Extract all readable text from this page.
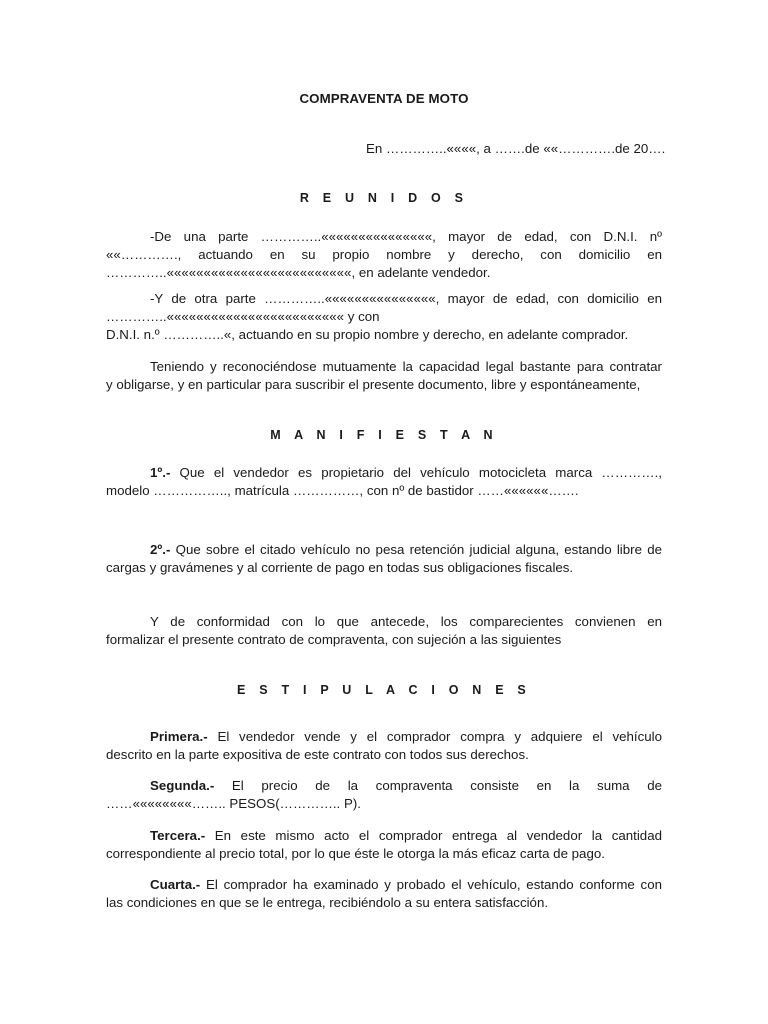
COMPRAVENTA DE MOTO
En …………..««««, a …….de ««………….de 20….
R E U N I D O S
-De una parte …………..«««««««««««««««, mayor de edad, con D.N.I. nº
««…………., actuando en su propio nombre y derecho, con domicilio en
…………..«««««««««««««««««««««««««, en adelante vendedor.
-Y de otra parte …………..«««««««««««««««, mayor de edad, con domicilio en
…………..«««««««««««««««««««««««« y con
D.N.I. n.º …………..«, actuando en su propio nombre y derecho, en adelante comprador.
Teniendo y reconociéndose mutuamente la capacidad legal bastante para contratar
y obligarse, y en particular para suscribir el presente documento, libre y espontáneamente,
M A N I F I E S T A N
1º.- Que el vendedor es propietario del vehículo motocicleta marca ………….,
modelo …………….., matrícula ……………, con nº de bastidor ……««««««…….
2º.- Que sobre el citado vehículo no pesa retención judicial alguna, estando libre de
cargas y gravámenes y al corriente de pago en todas sus obligaciones fiscales.
Y de conformidad con lo que antecede, los comparecientes convienen en
formalizar el presente contrato de compraventa, con sujeción a las siguientes
E S T I P U L A C I O N E S
Primera.- El vendedor vende y el comprador compra y adquiere el vehículo
descrito en la parte expositiva de este contrato con todos sus derechos.
Segunda.- El precio de la compraventa consiste en la suma de
……««««««««…….. PESOS(………….. P).
Tercera.- En este mismo acto el comprador entrega al vendedor la cantidad
correspondiente al precio total, por lo que éste le otorga la más eficaz carta de pago.
Cuarta.- El comprador ha examinado y probado el vehículo, estando conforme con
las condiciones en que se le entrega, recibiéndolo a su entera satisfacción.
